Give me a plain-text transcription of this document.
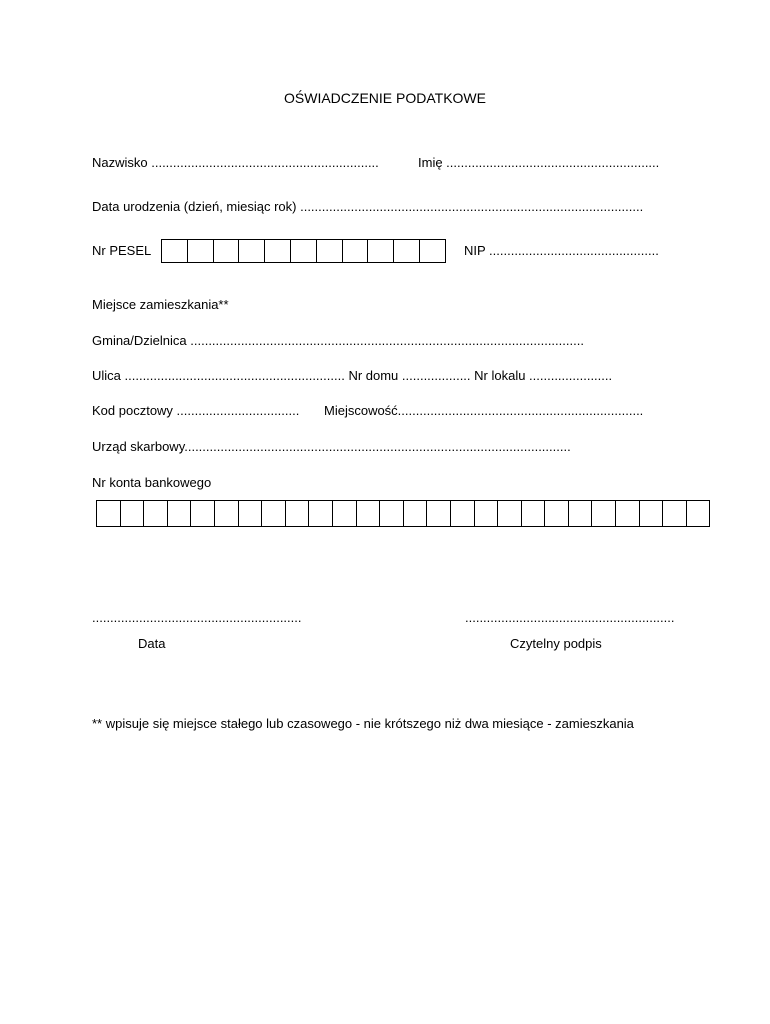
OŚWIADCZENIE PODATKOWE
Nazwisko ...............................................................	Imię ...........................................................
Data urodzenia (dzień, miesiąc rok) ...............................................................................................
Nr PESEL	NIP ...............................................
Miejsce zamieszkania**
Gmina/Dzielnica .............................................................................................................
Ulica ............................................................. Nr domu ................... Nr lokalu .......................
Kod pocztowy .................................. Miejscowość....................................................................
Urząd skarbowy...........................................................................................................
Nr konta bankowego
..........................................................
Data
..........................................................
Czytelny podpis
** wpisuje się miejsce stałego lub czasowego - nie krótszego niż dwa miesiące - zamieszkania
